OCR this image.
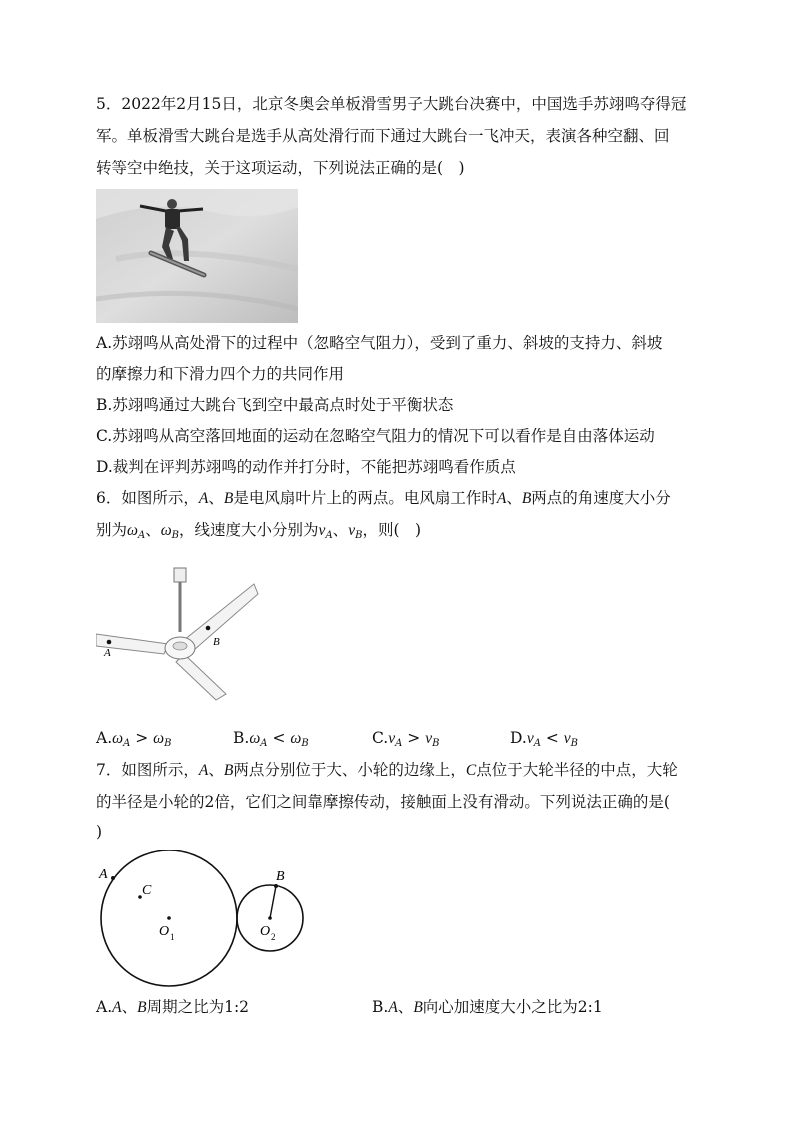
5．2022年2月15日，北京冬奥会单板滑雪男子大跳台决赛中，中国选手苏翊鸣夺得冠
军。单板滑雪大跳台是选手从高处滑行而下通过大跳台一飞冲天，表演各种空翻、回
转等空中绝技，关于这项运动，下列说法正确的是(　)
A.苏翊鸣从高处滑下的过程中（忽略空气阻力），受到了重力、斜坡的支持力、斜坡
的摩擦力和下滑力四个力的共同作用
B.苏翊鸣通过大跳台飞到空中最高点时处于平衡状态
C.苏翊鸣从高空落回地面的运动在忽略空气阻力的情况下可以看作是自由落体运动
D.裁判在评判苏翊鸣的动作并打分时，不能把苏翊鸣看作质点
6．如图所示，A、B是电风扇叶片上的两点。电风扇工作时A、B两点的角速度大小分
别为$\omega_A$、$\omega_B$，线速度大小分别为$v_A$、$v_B$，则(　)
A
B
$A.\omega_A > \omega_B$	$B.\omega_A < \omega_B$	$C.v_A > v_B$	$D.v_A < v_B$
7．如图所示，A、B两点分别位于大、小轮的边缘上，C点位于大轮半径的中点，大轮
的半径是小轮的2倍，它们之间靠摩擦传动，接触面上没有滑动。下列说法正确的是(
)
A
C
B
O 1	O 2
A.A、B周期之比为1:2	B.A、B向心加速度大小之比为2:1
